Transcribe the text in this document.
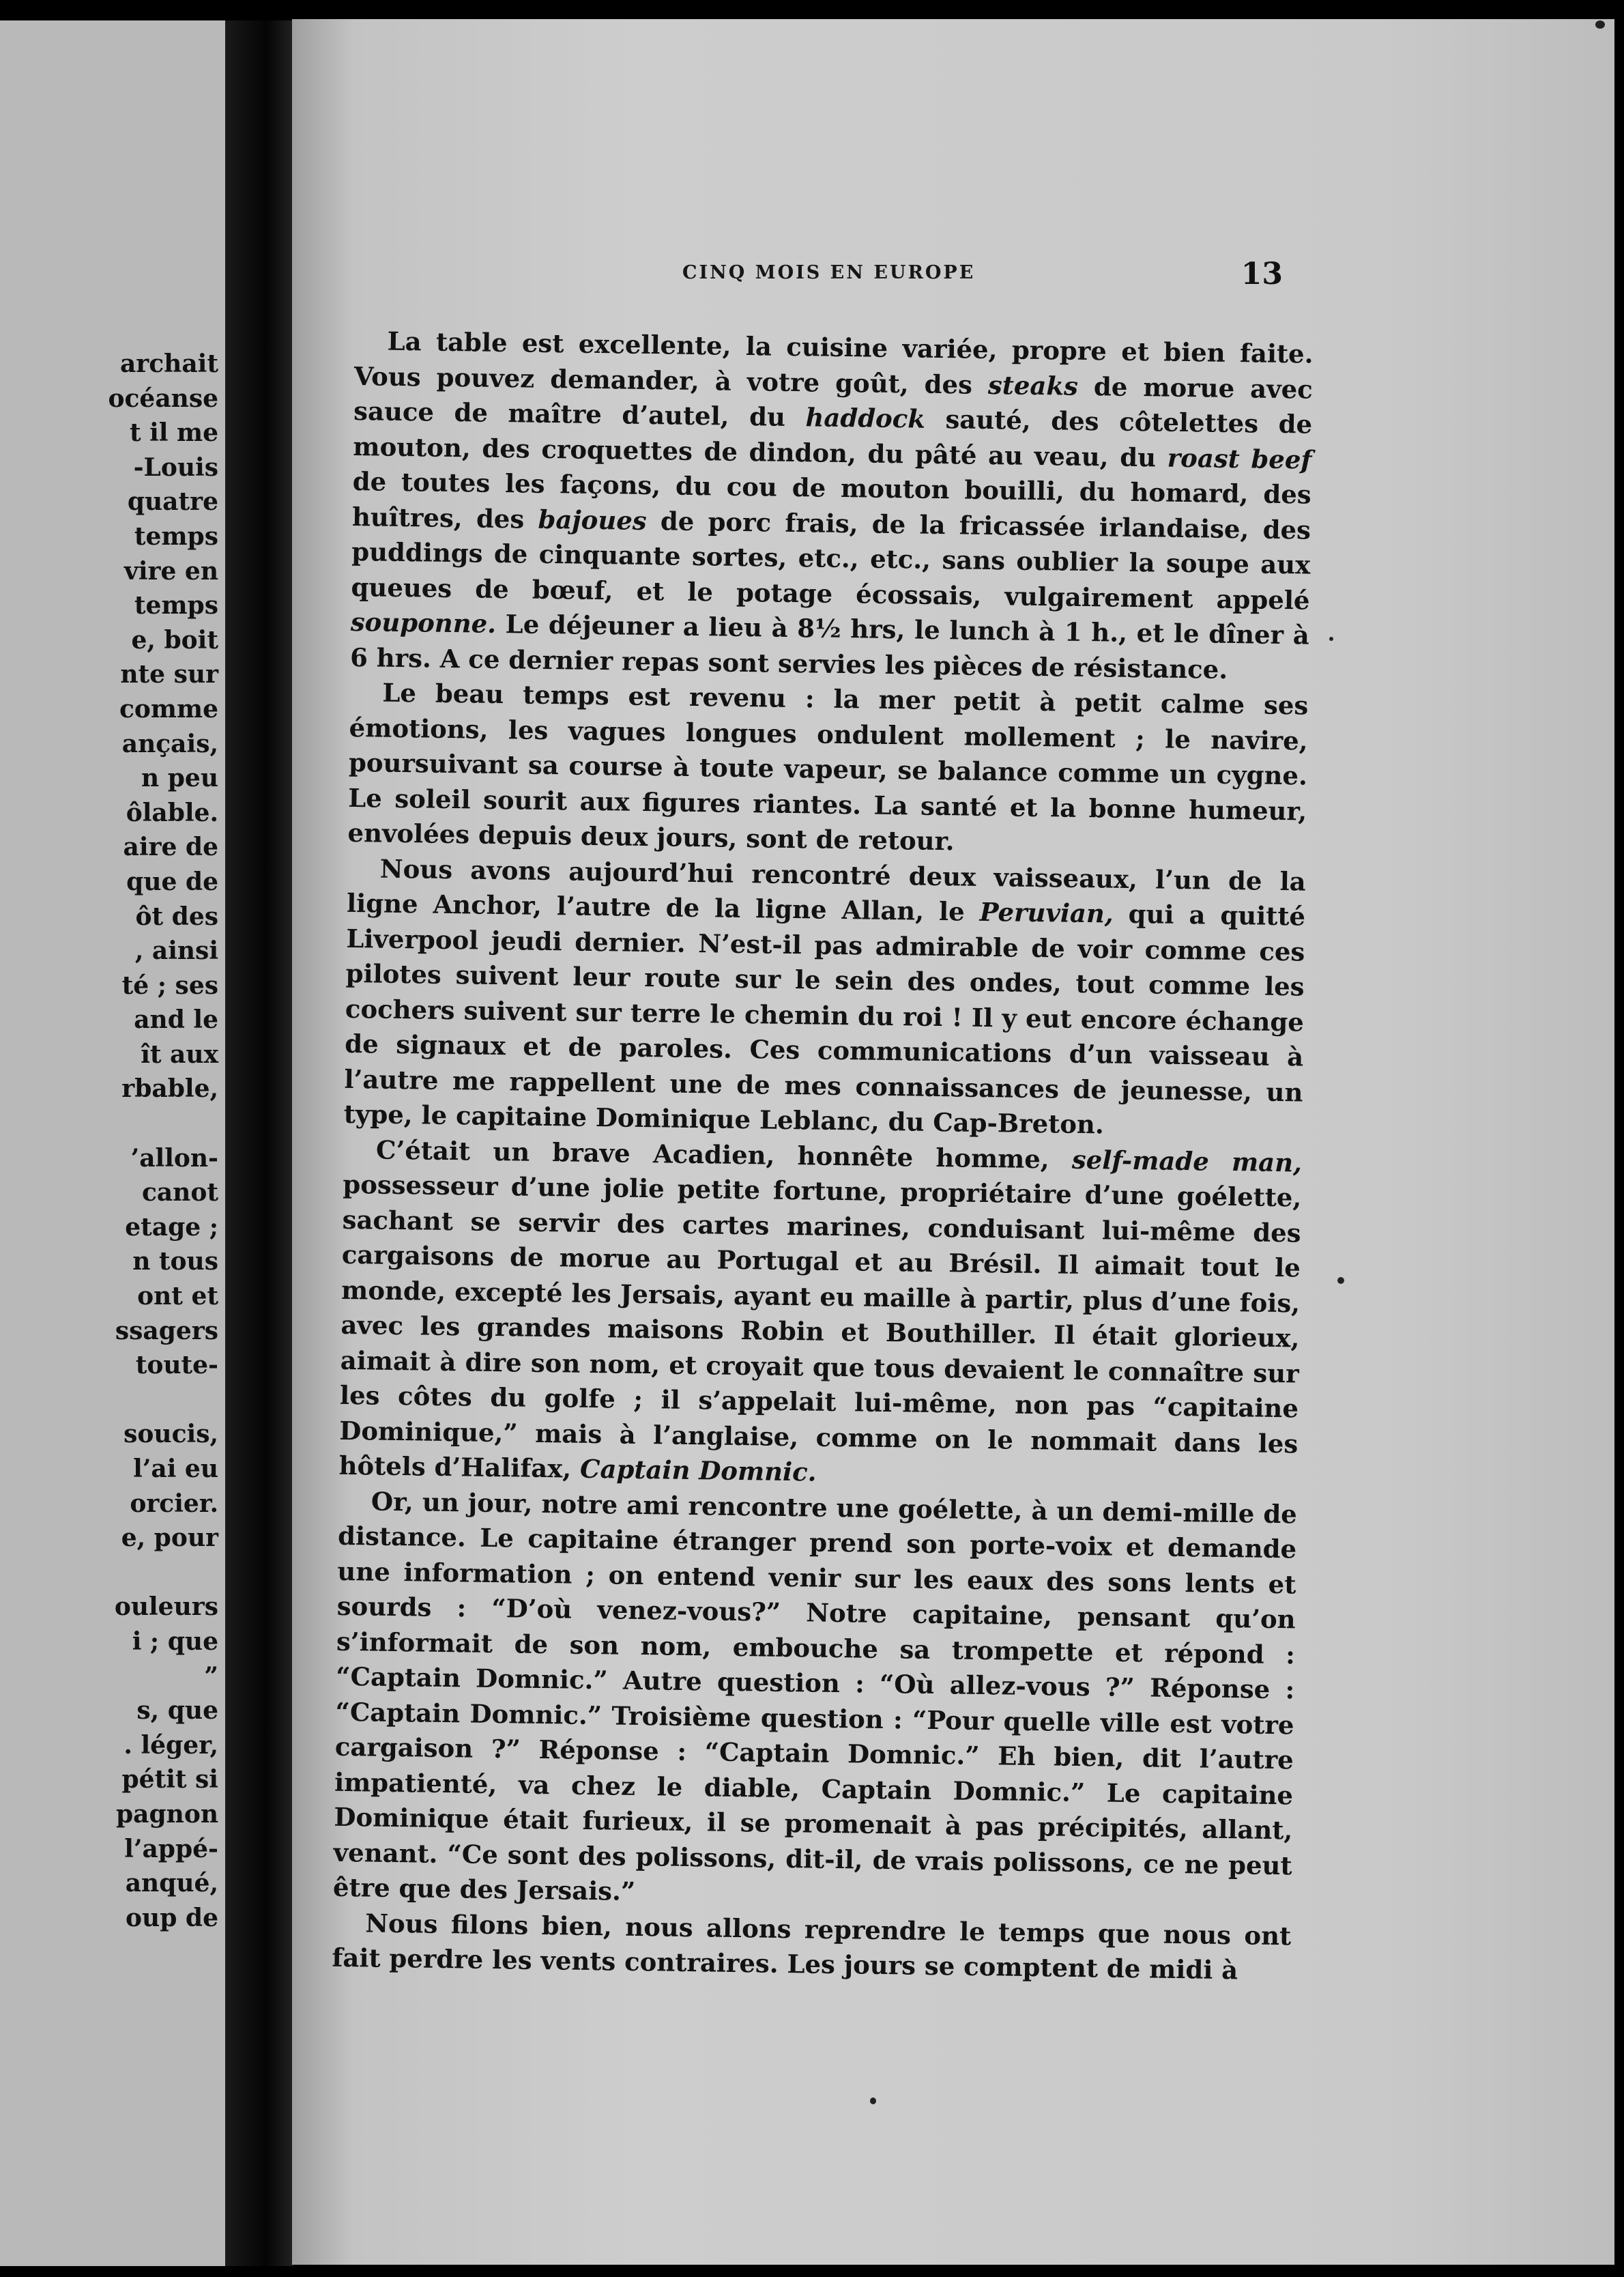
archait
océanse
t il me
-Louis
quatre
temps
vire en
temps
e, boit
nte sur
comme
ançais,
n peu
ôlable.
aire de
que de
ôt des
, ainsi
té ; ses
and le
ît aux
rbable,

’allon-
canot
etage ;
n tous
ont et
ssagers
toute-

soucis,
l’ai eu
orcier.
e, pour

ouleurs
i ; que
”
s, que
. léger,
pétit si
pagnon
l’appé-
anqué,
oup de
CINQ MOIS EN EUROPE	13

La table est excellente, la cuisine variée, propre et bien faite. Vous pouvez demander, à votre goût, des steaks de morue avec sauce de maître d’autel, du haddock sauté, des côtelettes de mouton, des croquettes de dindon, du pâté au veau, du roast beef de toutes les façons, du cou de mouton bouilli, du homard, des huîtres, des bajoues de porc frais, de la fricassée irlandaise, des puddings de cinquante sortes, etc., etc., sans oublier la soupe aux queues de bœuf, et le potage écossais, vulgairement appelé souponne. Le déjeuner a lieu à 8½ hrs, le lunch à 1 h., et le dîner à 6 hrs. A ce dernier repas sont servies les pièces de résistance.

Le beau temps est revenu : la mer petit à petit calme ses émotions, les vagues longues ondulent mollement ; le navire, poursuivant sa course à toute vapeur, se balance comme un cygne. Le soleil sourit aux figures riantes. La santé et la bonne humeur, envolées depuis deux jours, sont de retour.

Nous avons aujourd’hui rencontré deux vaisseaux, l’un de la ligne Anchor, l’autre de la ligne Allan, le Peruvian, qui a quitté Liverpool jeudi dernier. N’est-il pas admirable de voir comme ces pilotes suivent leur route sur le sein des ondes, tout comme les cochers suivent sur terre le chemin du roi ! Il y eut encore échange de signaux et de paroles. Ces communications d’un vaisseau à l’autre me rappellent une de mes connaissances de jeunesse, un type, le capitaine Dominique Leblanc, du Cap-Breton.

C’était un brave Acadien, honnête homme, self-made man, possesseur d’une jolie petite fortune, propriétaire d’une goélette, sachant se servir des cartes marines, conduisant lui-même des cargaisons de morue au Portugal et au Brésil. Il aimait tout le monde, excepté les Jersais, ayant eu maille à partir, plus d’une fois, avec les grandes maisons Robin et Bouthiller. Il était glorieux, aimait à dire son nom, et croyait que tous devaient le connaître sur les côtes du golfe ; il s’appelait lui-même, non pas “capitaine Dominique,” mais à l’anglaise, comme on le nommait dans les hôtels d’Halifax, Captain Domnic.

Or, un jour, notre ami rencontre une goélette, à un demi-mille de distance. Le capitaine étranger prend son porte-voix et demande une information ; on entend venir sur les eaux des sons lents et sourds : “D’où venez-vous?” Notre capitaine, pensant qu’on s’informait de son nom, embouche sa trompette et répond : “Captain Domnic.” Autre question : “Où allez-vous ?” Réponse : “Captain Domnic.” Troisième question : “Pour quelle ville est votre cargaison ?” Réponse : “Captain Domnic.” Eh bien, dit l’autre impatienté, va chez le diable, Captain Domnic.” Le capitaine Dominique était furieux, il se promenait à pas précipités, allant, venant. “Ce sont des polissons, dit-il, de vrais polissons, ce ne peut être que des Jersais.”

Nous filons bien, nous allons reprendre le temps que nous ont fait perdre les vents contraires. Les jours se comptent de midi à
